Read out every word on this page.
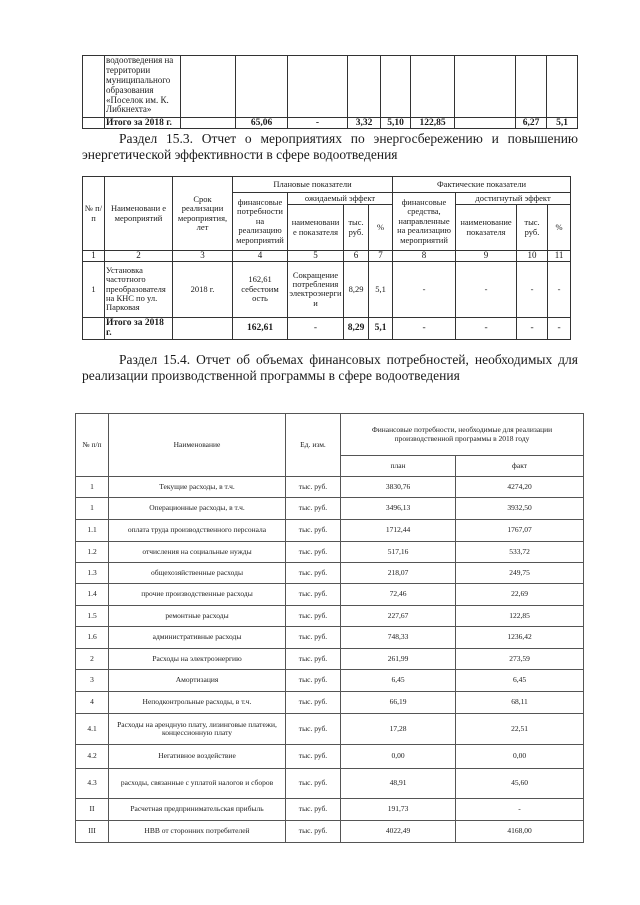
	водоотведения на территории муниципального образования «Поселок им. К. Либкнехта»									
	Итого за 2018 г.		65,06	-	3,32	5,10	122,85		6,27	5,1
Раздел 15.3. Отчет о мероприятиях по энергосбережению и повышению энергетической эффективности в сфере водоотведения
№ п/п	Наименовани е мероприятий	Срок реализации мероприятия, лет	Плановые показатели				Фактические показатели			
			финансовые потребности на реализацию мероприятий	ожидаемый эффект			финансовые средства, направленные на реализацию мероприятий	достигнутый эффект		
				наименовани е показателя	тыс. руб.	%		наименование показателя	тыс. руб.	%
1	2	3	4	5	6	7	8	9	10	11
1	Установка частотного преобразователя на КНС по ул. Парковая	2018 г.	162,61 себестоим ость	Сокращение потребления электроэнерги и	8,29	5,1	-	-	-	-
	Итого за 2018 г.		162,61	-	8,29	5,1	-	-	-	-
Раздел 15.4. Отчет об объемах финансовых потребностей, необходимых для реализации производственной программы в сфере водоотведения
№ п/п	Наименование	Ед. изм.	Финансовые потребности, необходимые для реализации производственной программы в 2018 году	
			план	факт
1	Текущие расходы, в т.ч.	тыс. руб.	3830,76	4274,20
1	Операционные расходы, в т.ч.	тыс. руб.	3496,13	3932,50
1.1	оплата труда производственного персонала	тыс. руб.	1712,44	1767,07
1.2	отчисления на социальные нужды	тыс. руб.	517,16	533,72
1.3	общехозяйственные расходы	тыс. руб.	218,07	249,75
1.4	прочие производственные расходы	тыс. руб.	72,46	22,69
1.5	ремонтные расходы	тыс. руб.	227,67	122,85
1.6	административные расходы	тыс. руб.	748,33	1236,42
2	Расходы на электроэнергию	тыс. руб.	261,99	273,59
3	Амортизация	тыс. руб.	6,45	6,45
4	Неподконтрольные расходы, в т.ч.	тыс. руб.	66,19	68,11
4.1	Расходы на арендную плату, лизинговые платежи, концессионную плату	тыс. руб.	17,28	22,51
4.2	Негативное воздействие	тыс. руб.	0,00	0,00
4.3	расходы, связанные с уплатой налогов и сборов	тыс. руб.	48,91	45,60
II	Расчетная предпринимательская прибыль	тыс. руб.	191,73	-
III	НВВ от сторонних потребителей	тыс. руб.	4022,49	4168,00
